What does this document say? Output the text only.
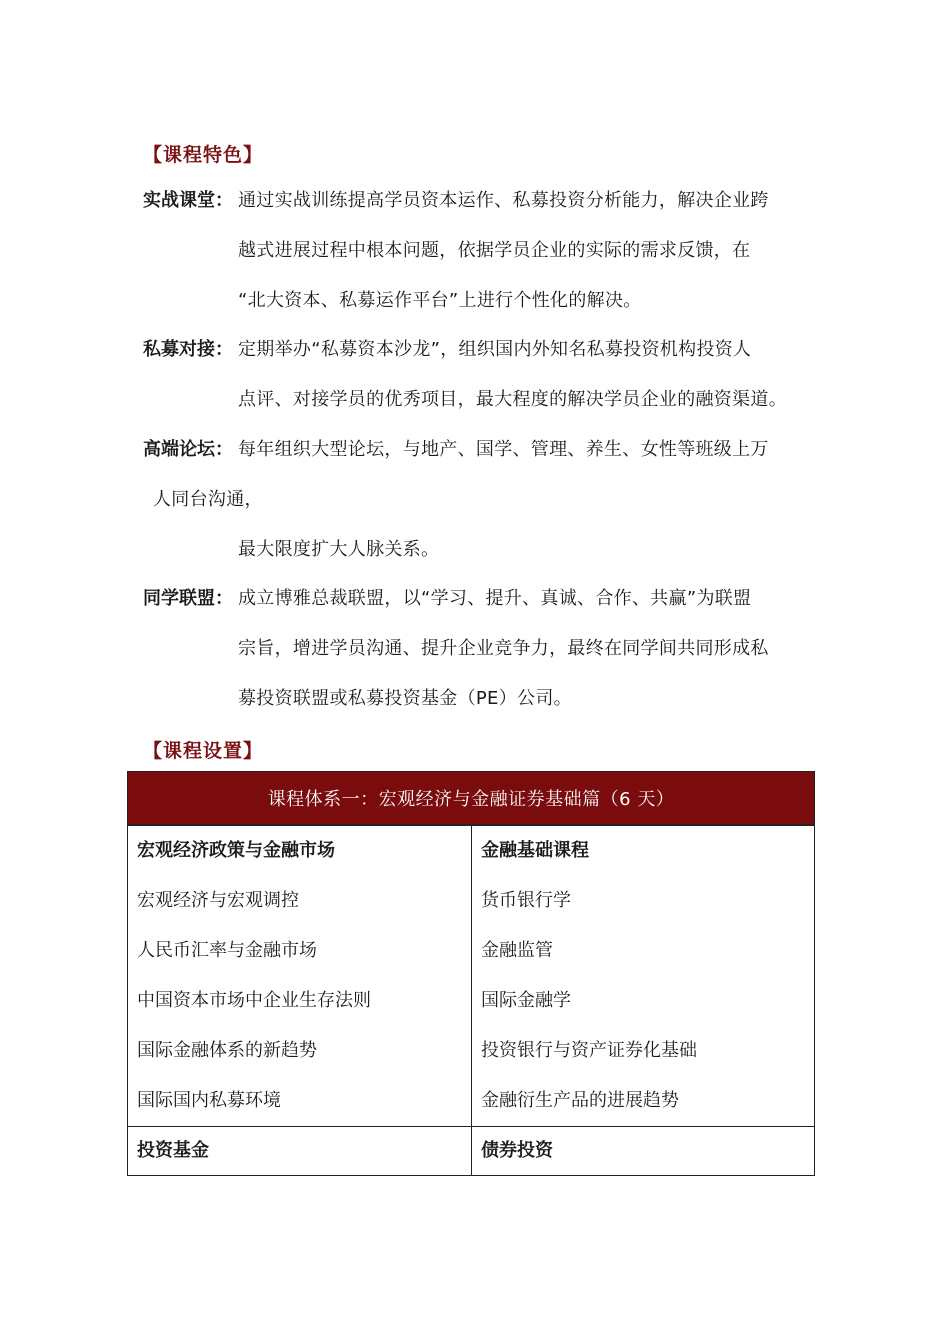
【课程特色】
实战课堂： 通过实战训练提高学员资本运作、私募投资分析能力，解决企业跨
越式进展过程中根本问题，依据学员企业的实际的需求反馈，在
“北大资本、私募运作平台”上进行个性化的解决。
私募对接： 定期举办“私募资本沙龙”，组织国内外知名私募投资机构投资人
点评、对接学员的优秀项目，最大程度的解决学员企业的融资渠道。
高端论坛： 每年组织大型论坛，与地产、国学、管理、养生、女性等班级上万
人同台沟通，
最大限度扩大人脉关系。
同学联盟： 成立博雅总裁联盟，以“学习、提升、真诚、合作、共赢”为联盟
宗旨，增进学员沟通、提升企业竞争力，最终在同学间共同形成私
募投资联盟或私募投资基金（PE）公司。
【课程设置】
课程体系一：宏观经济与金融证券基础篇（6 天）
宏观经济政策与金融市场
宏观经济与宏观调控
人民币汇率与金融市场
中国资本市场中企业生存法则
国际金融体系的新趋势
国际国内私募环境
金融基础课程
货币银行学
金融监管
国际金融学
投资银行与资产证券化基础
金融衍生产品的进展趋势
投资基金	债券投资
